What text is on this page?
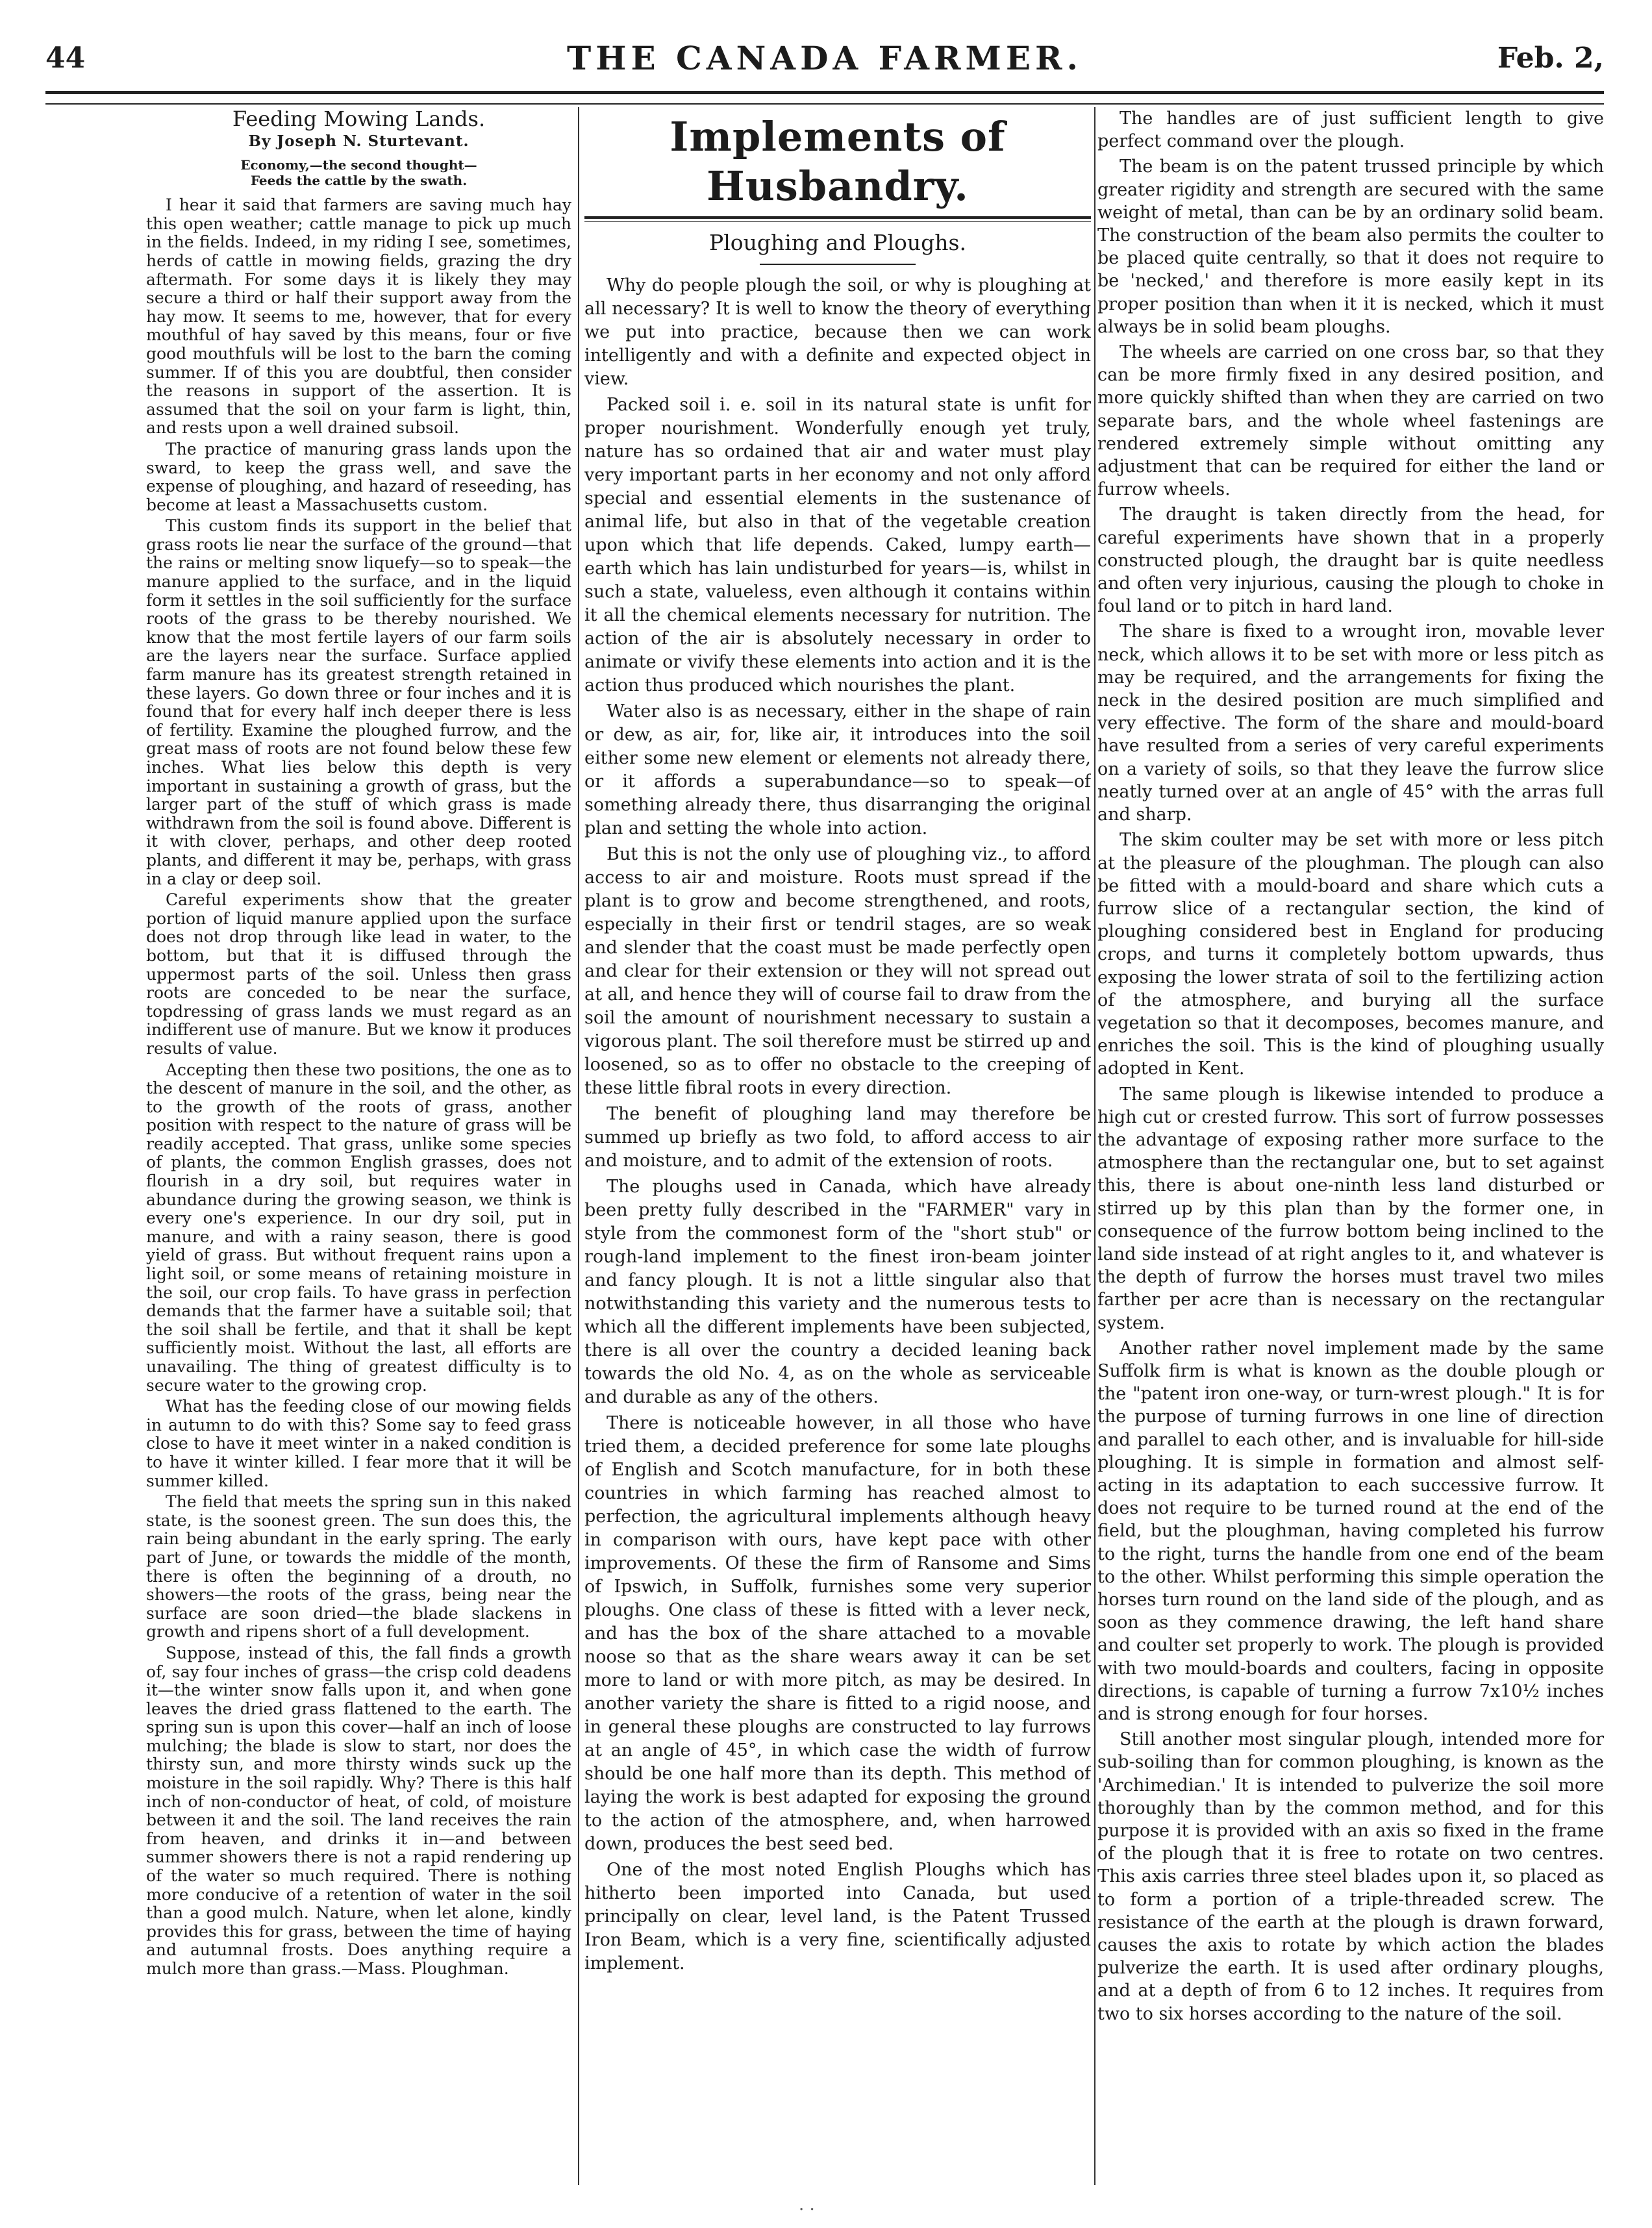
44	THE CANADA FARMER.	Feb. 2,
Feeding Mowing Lands.
By Joseph N. Sturtevant.
Economy,—the second thought—
Feeds the cattle by the swath.

I hear it said that farmers are saving much hay this open weather; cattle manage to pick up much in the fields. Indeed, in my riding I see, sometimes, herds of cattle in mowing fields, grazing the dry aftermath. For some days it is likely they may secure a third or half their support away from the hay mow. It seems to me, however, that for every mouthful of hay saved by this means, four or five good mouthfuls will be lost to the barn the coming summer. If of this you are doubtful, then consider the reasons in support of the assertion. It is assumed that the soil on your farm is light, thin, and rests upon a well drained subsoil.

The practice of manuring grass lands upon the sward, to keep the grass well, and save the expense of ploughing, and hazard of reseeding, has become at least a Massachusetts custom.

This custom finds its support in the belief that grass roots lie near the surface of the ground—that the rains or melting snow liquefy—so to speak—the manure applied to the surface, and in the liquid form it settles in the soil sufficiently for the surface roots of the grass to be thereby nourished. We know that the most fertile layers of our farm soils are the layers near the surface. Surface applied farm manure has its greatest strength retained in these layers. Go down three or four inches and it is found that for every half inch deeper there is less of fertility. Examine the ploughed furrow, and the great mass of roots are not found below these few inches. What lies below this depth is very important in sustaining a growth of grass, but the larger part of the stuff of which grass is made withdrawn from the soil is found above. Different is it with clover, perhaps, and other deep rooted plants, and different it may be, perhaps, with grass in a clay or deep soil.

Careful experiments show that the greater portion of liquid manure applied upon the surface does not drop through like lead in water, to the bottom, but that it is diffused through the uppermost parts of the soil. Unless then grass roots are conceded to be near the surface, topdressing of grass lands we must regard as an indifferent use of manure. But we know it produces results of value.

Accepting then these two positions, the one as to the descent of manure in the soil, and the other, as to the growth of the roots of grass, another position with respect to the nature of grass will be readily accepted. That grass, unlike some species of plants, the common English grasses, does not flourish in a dry soil, but requires water in abundance during the growing season, we think is every one's experience. In our dry soil, put in manure, and with a rainy season, there is good yield of grass. But without frequent rains upon a light soil, or some means of retaining moisture in the soil, our crop fails. To have grass in perfection demands that the farmer have a suitable soil; that the soil shall be fertile, and that it shall be kept sufficiently moist. Without the last, all efforts are unavailing. The thing of greatest difficulty is to secure water to the growing crop.

What has the feeding close of our mowing fields in autumn to do with this? Some say to feed grass close to have it meet winter in a naked condition is to have it winter killed. I fear more that it will be summer killed.

The field that meets the spring sun in this naked state, is the soonest green. The sun does this, the rain being abundant in the early spring. The early part of June, or towards the middle of the month, there is often the beginning of a drouth, no showers—the roots of the grass, being near the surface are soon dried—the blade slackens in growth and ripens short of a full development.

Suppose, instead of this, the fall finds a growth of, say four inches of grass—the crisp cold deadens it—the winter snow falls upon it, and when gone leaves the dried grass flattened to the earth. The spring sun is upon this cover—half an inch of loose mulching; the blade is slow to start, nor does the thirsty sun, and more thirsty winds suck up the moisture in the soil rapidly. Why? There is this half inch of non-conductor of heat, of cold, of moisture between it and the soil. The land receives the rain from heaven, and drinks it in—and between summer showers there is not a rapid rendering up of the water so much required. There is nothing more conducive of a retention of water in the soil than a good mulch. Nature, when let alone, kindly provides this for grass, between the time of haying and autumnal frosts. Does anything require a mulch more than grass.—Mass. Ploughman.

Implements of Husbandry.
Ploughing and Ploughs.

Why do people plough the soil, or why is ploughing at all necessary? It is well to know the theory of everything we put into practice, because then we can work intelligently and with a definite and expected object in view.

Packed soil i. e. soil in its natural state is unfit for proper nourishment. Wonderfully enough yet truly, nature has so ordained that air and water must play very important parts in her economy and not only afford special and essential elements in the sustenance of animal life, but also in that of the vegetable creation upon which that life depends. Caked, lumpy earth— earth which has lain undisturbed for years—is, whilst in such a state, valueless, even although it contains within it all the chemical elements necessary for nutrition. The action of the air is absolutely necessary in order to animate or vivify these elements into action and it is the action thus produced which nourishes the plant.

Water also is as necessary, either in the shape of rain or dew, as air, for, like air, it introduces into the soil either some new element or elements not already there, or it affords a superabundance—so to speak—of something already there, thus disarranging the original plan and setting the whole into action.

But this is not the only use of ploughing viz., to afford access to air and moisture. Roots must spread if the plant is to grow and become strengthened, and roots, especially in their first or tendril stages, are so weak and slender that the coast must be made perfectly open and clear for their extension or they will not spread out at all, and hence they will of course fail to draw from the soil the amount of nourishment necessary to sustain a vigorous plant. The soil therefore must be stirred up and loosened, so as to offer no obstacle to the creeping of these little fibral roots in every direction.

The benefit of ploughing land may therefore be summed up briefly as two fold, to afford access to air and moisture, and to admit of the extension of roots.

The ploughs used in Canada, which have already been pretty fully described in the "FARMER" vary in style from the commonest form of the "short stub" or rough-land implement to the finest iron-beam jointer and fancy plough. It is not a little singular also that notwithstanding this variety and the numerous tests to which all the different implements have been subjected, there is all over the country a decided leaning back towards the old No. 4, as on the whole as serviceable and durable as any of the others.

There is noticeable however, in all those who have tried them, a decided preference for some late ploughs of English and Scotch manufacture, for in both these countries in which farming has reached almost to perfection, the agricultural implements although heavy in comparison with ours, have kept pace with other improvements. Of these the firm of Ransome and Sims of Ipswich, in Suffolk, furnishes some very superior ploughs. One class of these is fitted with a lever neck, and has the box of the share attached to a movable noose so that as the share wears away it can be set more to land or with more pitch, as may be desired. In another variety the share is fitted to a rigid noose, and in general these ploughs are constructed to lay furrows at an angle of 45°, in which case the width of furrow should be one half more than its depth. This method of laying the work is best adapted for exposing the ground to the action of the atmosphere, and, when harrowed down, produces the best seed bed.

One of the most noted English Ploughs which has hitherto been imported into Canada, but used principally on clear, level land, is the Patent Trussed Iron Beam, which is a very fine, scientifically adjusted implement.

The handles are of just sufficient length to give perfect command over the plough.

The beam is on the patent trussed principle by which greater rigidity and strength are secured with the same weight of metal, than can be by an ordinary solid beam. The construction of the beam also permits the coulter to be placed quite centrally, so that it does not require to be 'necked,' and therefore is more easily kept in its proper position than when it it is necked, which it must always be in solid beam ploughs.

The wheels are carried on one cross bar, so that they can be more firmly fixed in any desired position, and more quickly shifted than when they are carried on two separate bars, and the whole wheel fastenings are rendered extremely simple without omitting any adjustment that can be required for either the land or furrow wheels.

The draught is taken directly from the head, for careful experiments have shown that in a properly constructed plough, the draught bar is quite needless and often very injurious, causing the plough to choke in foul land or to pitch in hard land.

The share is fixed to a wrought iron, movable lever neck, which allows it to be set with more or less pitch as may be required, and the arrangements for fixing the neck in the desired position are much simplified and very effective. The form of the share and mould-board have resulted from a series of very careful experiments on a variety of soils, so that they leave the furrow slice neatly turned over at an angle of 45° with the arras full and sharp.

The skim coulter may be set with more or less pitch at the pleasure of the ploughman. The plough can also be fitted with a mould-board and share which cuts a furrow slice of a rectangular section, the kind of ploughing considered best in England for producing crops, and turns it completely bottom upwards, thus exposing the lower strata of soil to the fertilizing action of the atmosphere, and burying all the surface vegetation so that it decomposes, becomes manure, and enriches the soil. This is the kind of ploughing usually adopted in Kent.

The same plough is likewise intended to produce a high cut or crested furrow. This sort of furrow possesses the advantage of exposing rather more surface to the atmosphere than the rectangular one, but to set against this, there is about one-ninth less land disturbed or stirred up by this plan than by the former one, in consequence of the furrow bottom being inclined to the land side instead of at right angles to it, and whatever is the depth of furrow the horses must travel two miles farther per acre than is necessary on the rectangular system.

Another rather novel implement made by the same Suffolk firm is what is known as the double plough or the "patent iron one-way, or turn-wrest plough." It is for the purpose of turning furrows in one line of direction and parallel to each other, and is invaluable for hill-side ploughing. It is simple in formation and almost self-acting in its adaptation to each successive furrow. It does not require to be turned round at the end of the field, but the ploughman, having completed his furrow to the right, turns the handle from one end of the beam to the other. Whilst performing this simple operation the horses turn round on the land side of the plough, and as soon as they commence drawing, the left hand share and coulter set properly to work. The plough is provided with two mould-boards and coulters, facing in opposite directions, is capable of turning a furrow 7x10½ inches and is strong enough for four horses.

Still another most singular plough, intended more for sub-soiling than for common ploughing, is known as the 'Archimedian.' It is intended to pulverize the soil more thoroughly than by the common method, and for this purpose it is provided with an axis so fixed in the frame of the plough that it is free to rotate on two centres. This axis carries three steel blades upon it, so placed as to form a portion of a triple-threaded screw. The resistance of the earth at the plough is drawn forward, causes the axis to rotate by which action the blades pulverize the earth. It is used after ordinary ploughs, and at a depth of from 6 to 12 inches. It requires from two to six horses according to the nature of the soil.

· ·
